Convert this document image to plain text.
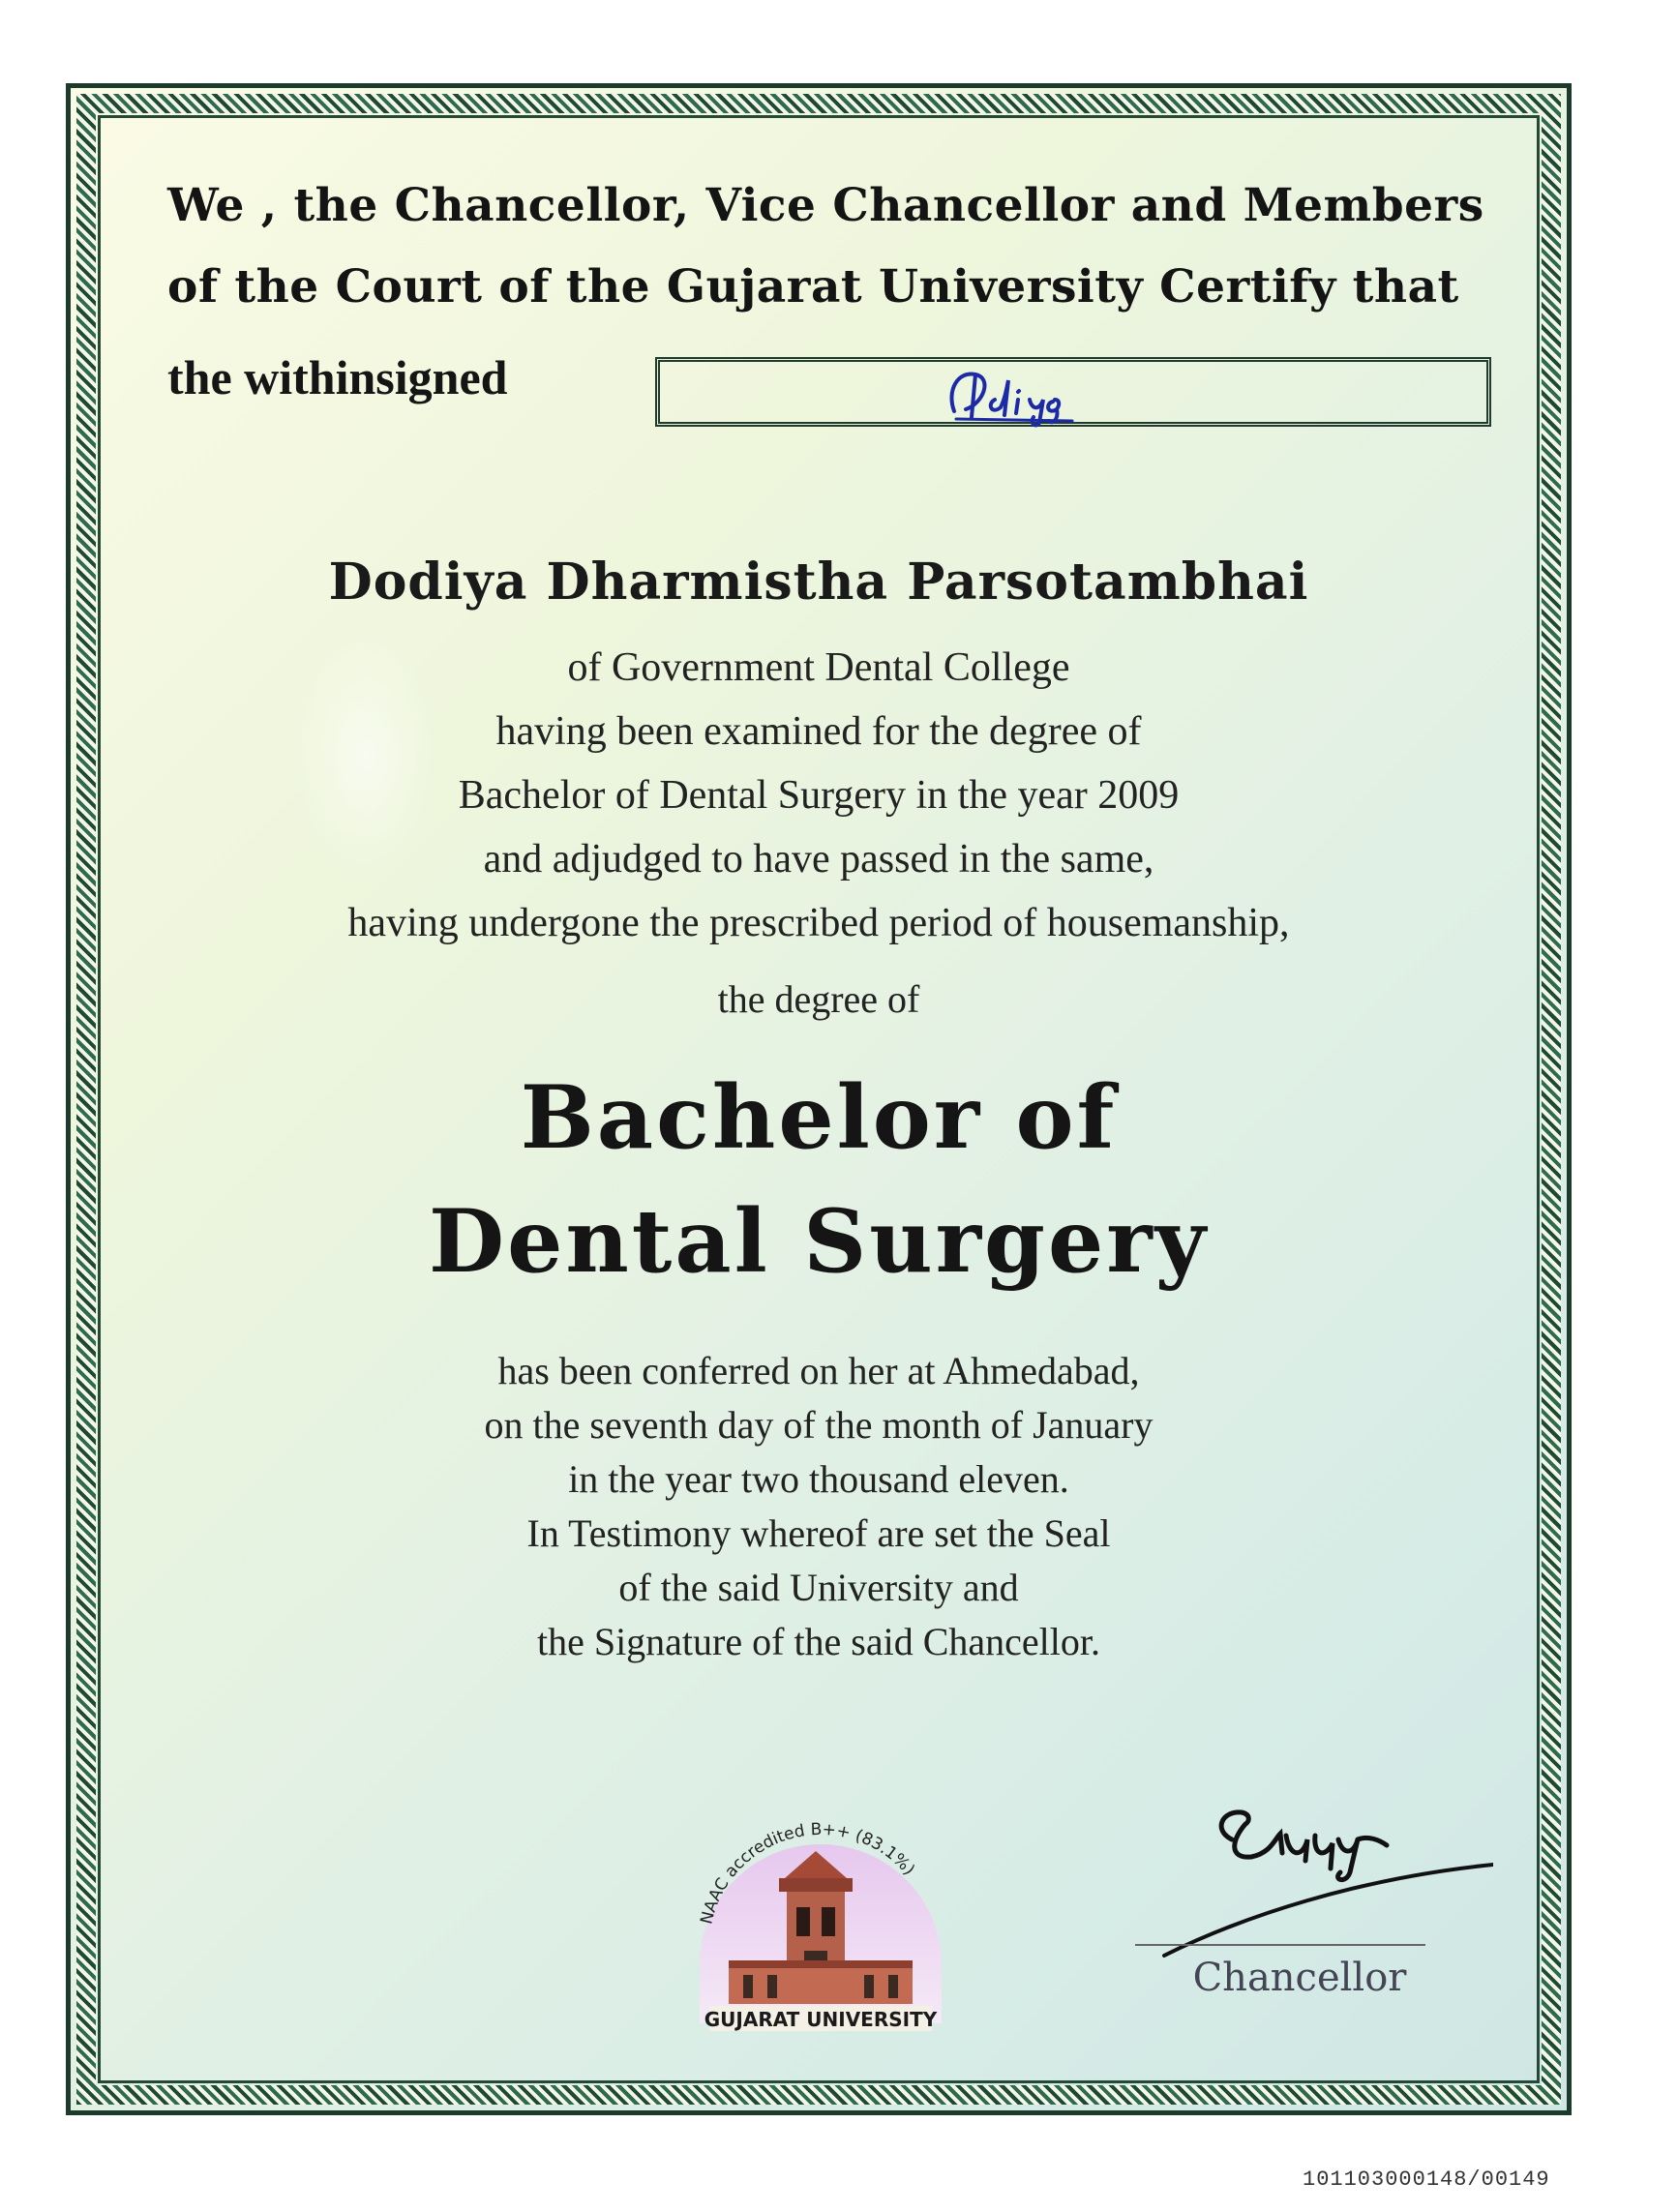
We , the Chancellor, Vice Chancellor and Members
of the Court of the Gujarat University Certify that
the withinsigned
Dodiya Dharmistha Parsotambhai
of Government Dental College
having been examined for the degree of
Bachelor of Dental Surgery in the year 2009
and adjudged to have passed in the same,
having undergone the prescribed period of housemanship,
the degree of
Bachelor of
Dental Surgery
has been conferred on her at Ahmedabad,
on the seventh day of the month of January
in the year two thousand eleven.
In Testimony whereof are set the Seal
of the said University and
the Signature of the said Chancellor.
NAAC accredited B++ (83.1%)
GUJARAT UNIVERSITY
Chancellor
101103000148/00149
